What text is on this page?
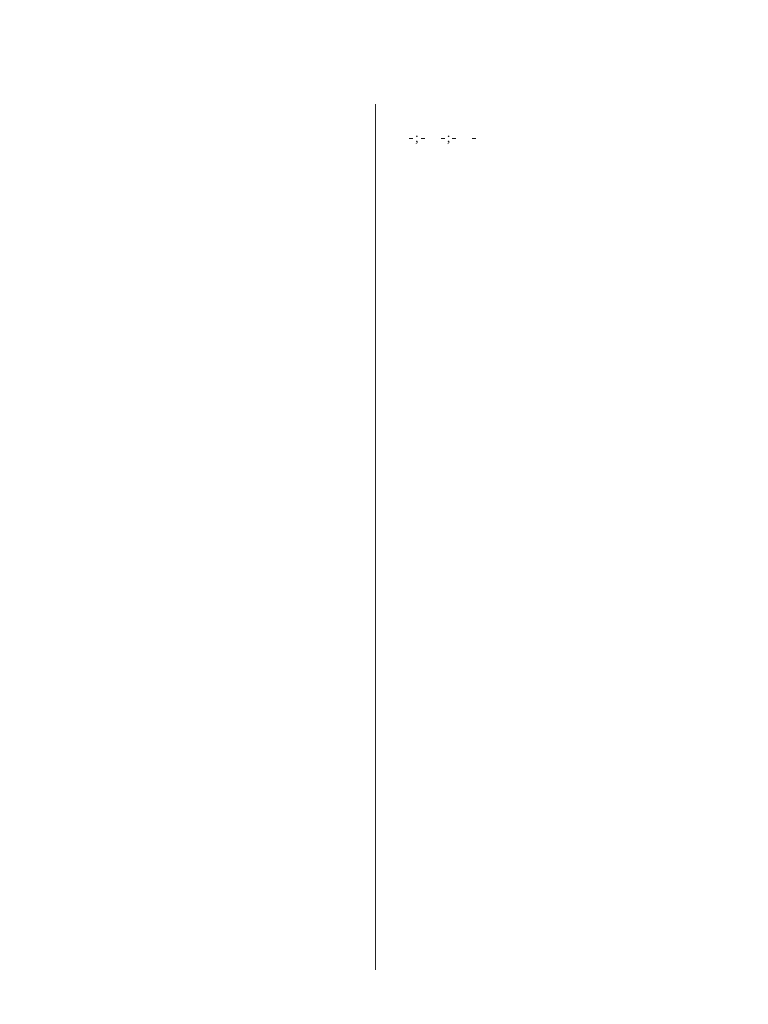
; ;
